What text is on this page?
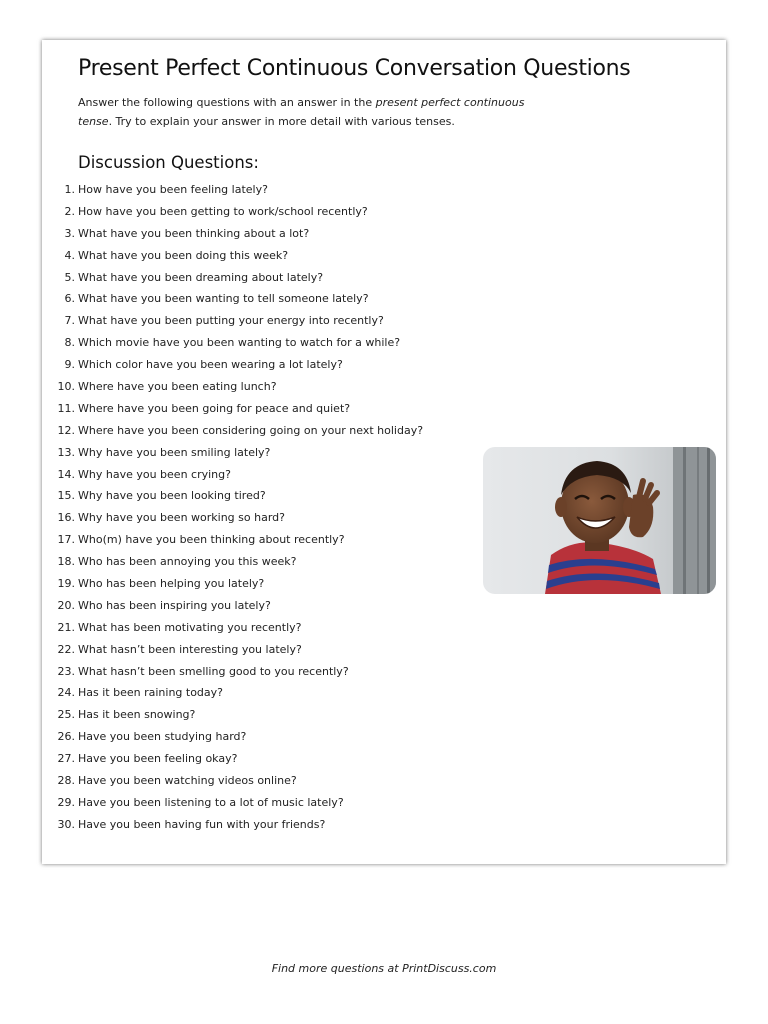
Present Perfect Continuous Conversation Questions
Answer the following questions with an answer in the present perfect continuous tense. Try to explain your answer in more detail with various tenses.
Discussion Questions:
1. How have you been feeling lately?
2. How have you been getting to work/school recently?
3. What have you been thinking about a lot?
4. What have you been doing this week?
5. What have you been dreaming about lately?
6. What have you been wanting to tell someone lately?
7. What have you been putting your energy into recently?
8. Which movie have you been wanting to watch for a while?
9. Which color have you been wearing a lot lately?
10. Where have you been eating lunch?
11. Where have you been going for peace and quiet?
12. Where have you been considering going on your next holiday?
13. Why have you been smiling lately?
14. Why have you been crying?
15. Why have you been looking tired?
16. Why have you been working so hard?
17. Who(m) have you been thinking about recently?
18. Who has been annoying you this week?
19. Who has been helping you lately?
20. Who has been inspiring you lately?
21. What has been motivating you recently?
22. What hasn’t been interesting you lately?
23. What hasn’t been smelling good to you recently?
24. Has it been raining today?
25. Has it been snowing?
26. Have you been studying hard?
27. Have you been feeling okay?
28. Have you been watching videos online?
29. Have you been listening to a lot of music lately?
30. Have you been having fun with your friends?
Find more questions at PrintDiscuss.com
